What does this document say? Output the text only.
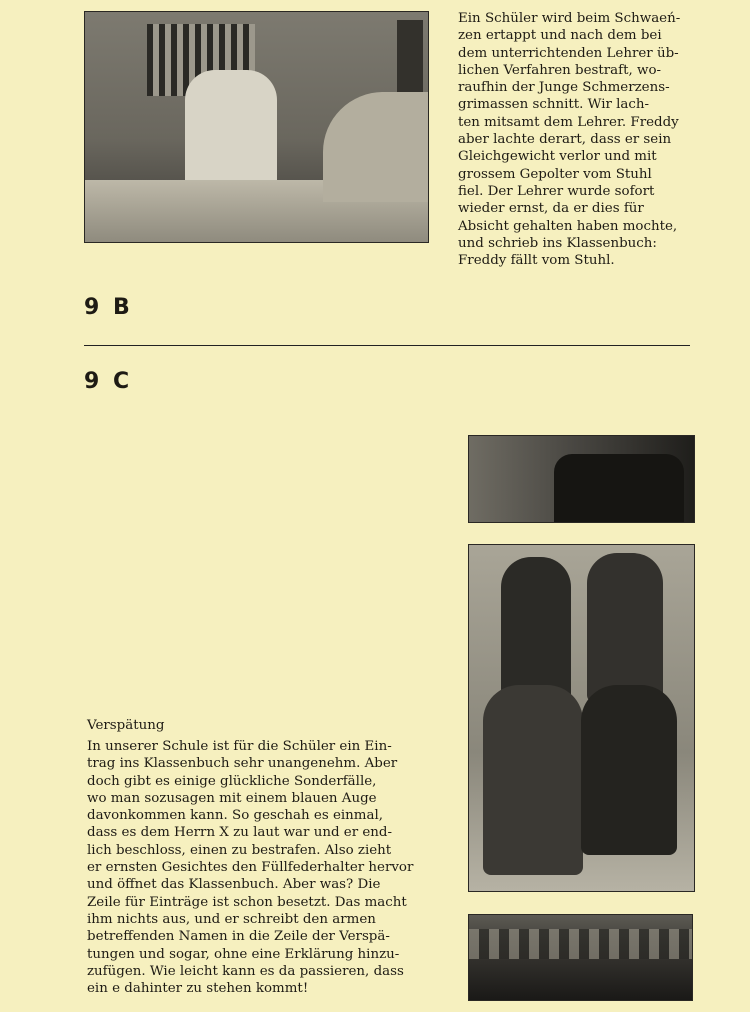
Ein Schüler wird beim Schwaeń-
zen ertappt und nach dem bei
dem unterrichtenden Lehrer üb-
lichen Verfahren bestraft, wo-
raufhin der Junge Schmerzens-
grimassen schnitt. Wir lach-
ten mitsamt dem Lehrer. Freddy
aber lachte derart, dass er sein
Gleichgewicht verlor und mit
grossem Gepolter vom Stuhl
fiel. Der Lehrer wurde sofort
wieder ernst, da er dies für
Absicht gehalten haben mochte,
und schrieb ins Klassenbuch:
Freddy fällt vom Stuhl.

9 B
9 C
Verspätung

In unserer Schule ist für die Schüler ein Ein-
trag ins Klassenbuch sehr unangenehm. Aber
doch gibt es einige glückliche Sonderfälle,
wo man sozusagen mit einem blauen Auge
davonkommen kann. So geschah es einmal,
dass es dem Herrn X zu laut war und er end-
lich beschloss, einen zu bestrafen. Also zieht
er ernsten Gesichtes den Füllfederhalter hervor
und öffnet das Klassenbuch. Aber was? Die
Zeile für Einträge ist schon besetzt. Das macht
ihm nichts aus, und er schreibt den armen
betreffenden Namen in die Zeile der Verspä-
tungen und sogar, ohne eine Erklärung hinzu-
zufügen. Wie leicht kann es da passieren, dass
ein e dahinter zu stehen kommt!
